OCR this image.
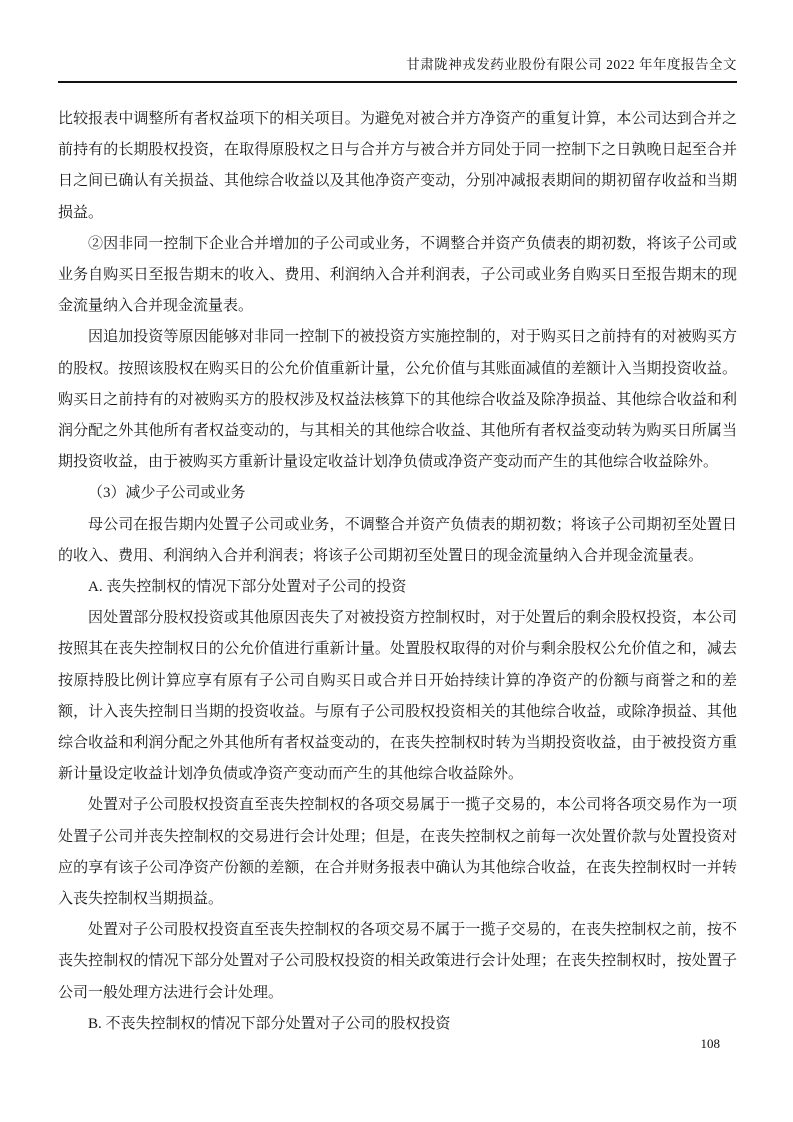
甘肃陇神戎发药业股份有限公司 2022 年年度报告全文

比较报表中调整所有者权益项下的相关项目。为避免对被合并方净资产的重复计算，本公司达到合并之前持有的长期股权投资，在取得原股权之日与合并方与被合并方同处于同一控制下之日孰晚日起至合并日之间已确认有关损益、其他综合收益以及其他净资产变动，分别冲减报表期间的期初留存收益和当期损益。

②因非同一控制下企业合并增加的子公司或业务，不调整合并资产负债表的期初数，将该子公司或业务自购买日至报告期末的收入、费用、利润纳入合并利润表，子公司或业务自购买日至报告期末的现金流量纳入合并现金流量表。

因追加投资等原因能够对非同一控制下的被投资方实施控制的，对于购买日之前持有的对被购买方的股权。按照该股权在购买日的公允价值重新计量，公允价值与其账面减值的差额计入当期投资收益。购买日之前持有的对被购买方的股权涉及权益法核算下的其他综合收益及除净损益、其他综合收益和利润分配之外其他所有者权益变动的，与其相关的其他综合收益、其他所有者权益变动转为购买日所属当期投资收益，由于被购买方重新计量设定收益计划净负债或净资产变动而产生的其他综合收益除外。

（3）减少子公司或业务

母公司在报告期内处置子公司或业务，不调整合并资产负债表的期初数；将该子公司期初至处置日的收入、费用、利润纳入合并利润表；将该子公司期初至处置日的现金流量纳入合并现金流量表。

A. 丧失控制权的情况下部分处置对子公司的投资

因处置部分股权投资或其他原因丧失了对被投资方控制权时，对于处置后的剩余股权投资，本公司按照其在丧失控制权日的公允价值进行重新计量。处置股权取得的对价与剩余股权公允价值之和，减去按原持股比例计算应享有原有子公司自购买日或合并日开始持续计算的净资产的份额与商誉之和的差额，计入丧失控制日当期的投资收益。与原有子公司股权投资相关的其他综合收益，或除净损益、其他综合收益和利润分配之外其他所有者权益变动的，在丧失控制权时转为当期投资收益，由于被投资方重新计量设定收益计划净负债或净资产变动而产生的其他综合收益除外。

处置对子公司股权投资直至丧失控制权的各项交易属于一揽子交易的，本公司将各项交易作为一项处置子公司并丧失控制权的交易进行会计处理；但是，在丧失控制权之前每一次处置价款与处置投资对应的享有该子公司净资产份额的差额，在合并财务报表中确认为其他综合收益，在丧失控制权时一并转入丧失控制权当期损益。

处置对子公司股权投资直至丧失控制权的各项交易不属于一揽子交易的，在丧失控制权之前，按不丧失控制权的情况下部分处置对子公司股权投资的相关政策进行会计处理；在丧失控制权时，按处置子公司一般处理方法进行会计处理。

B. 不丧失控制权的情况下部分处置对子公司的股权投资

108
